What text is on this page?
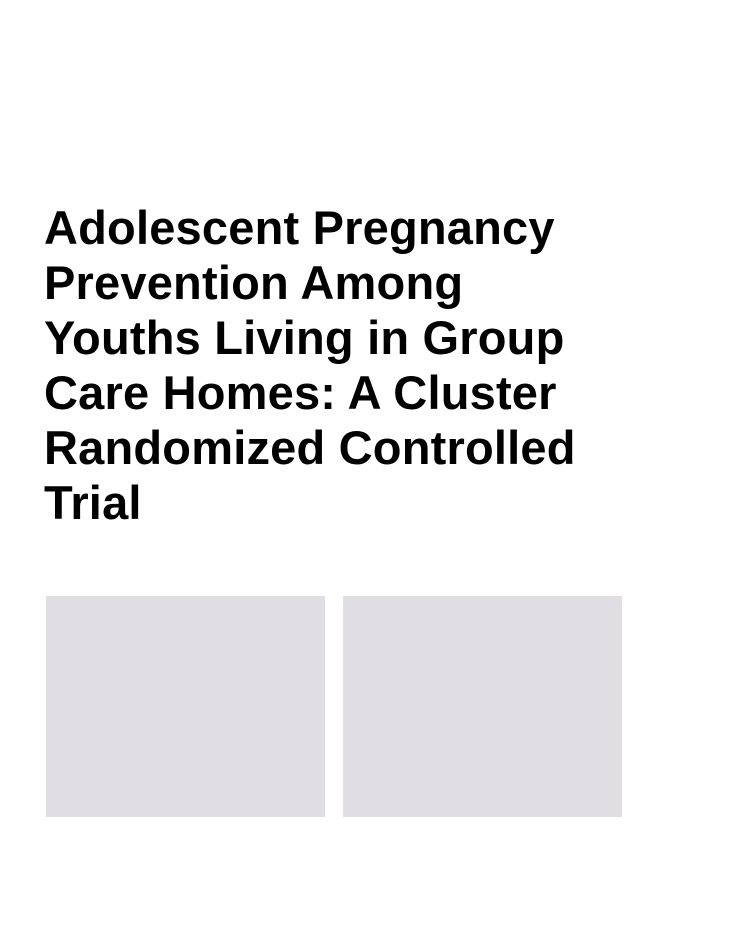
Adolescent Pregnancy
Prevention Among
Youths Living in Group
Care Homes: A Cluster
Randomized Controlled
Trial
